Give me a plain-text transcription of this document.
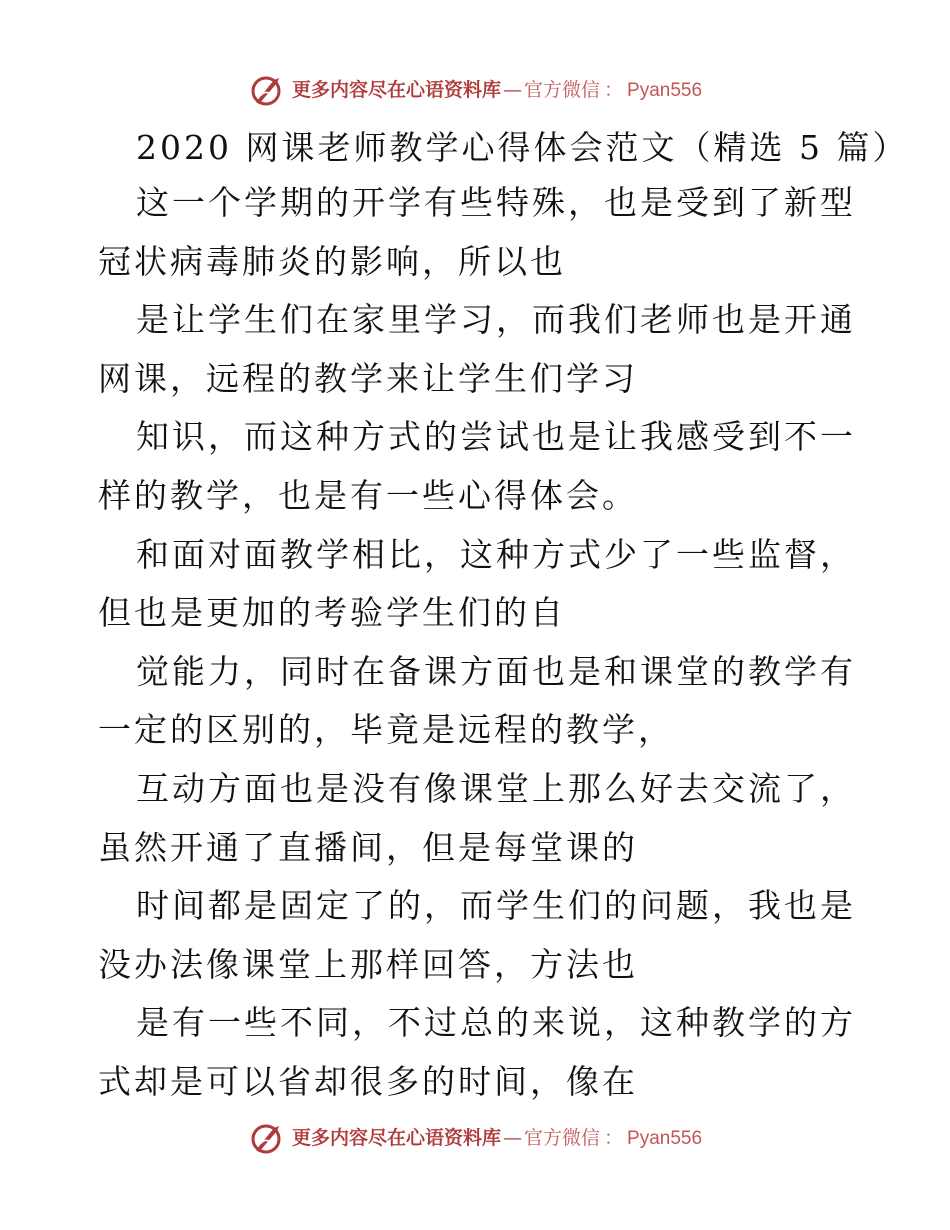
更多内容尽在心语资料库 — 官方微信 ： Pyan556
2020 网课老师教学心得体会范文（精选 5 篇）

这一个学期的开学有些特殊，也是受到了新型冠状病毒肺炎的影响，所以也

是让学生们在家里学习，而我们老师也是开通网课，远程的教学来让学生们学习

知识，而这种方式的尝试也是让我感受到不一样的教学，也是有一些心得体会。

和面对面教学相比，这种方式少了一些监督，但也是更加的考验学生们的自

觉能力，同时在备课方面也是和课堂的教学有一定的区别的，毕竟是远程的教学，

互动方面也是没有像课堂上那么好去交流了，虽然开通了直播间，但是每堂课的

时间都是固定了的，而学生们的问题，我也是没办法像课堂上那样回答，方法也

是有一些不同，不过总的来说，这种教学的方式却是可以省却很多的时间，像在

更多内容尽在心语资料库 — 官方微信 ： Pyan556
